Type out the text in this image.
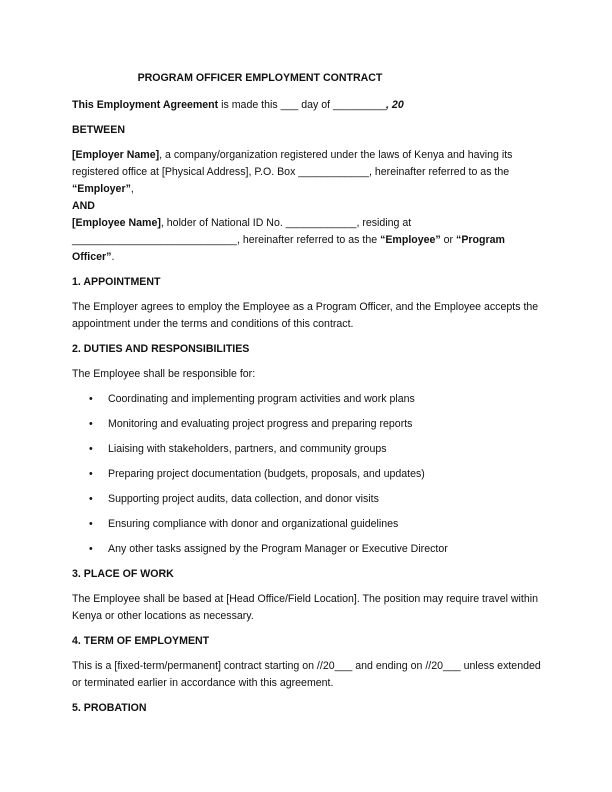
PROGRAM OFFICER EMPLOYMENT CONTRACT
This Employment Agreement is made this ___ day of _________, 20
BETWEEN
[Employer Name], a company/organization registered under the laws of Kenya and having its registered office at [Physical Address], P.O. Box ____________, hereinafter referred to as the “Employer”,
AND
[Employee Name], holder of National ID No. ____________, residing at ____________________________, hereinafter referred to as the “Employee” or “Program Officer”.
1. APPOINTMENT
The Employer agrees to employ the Employee as a Program Officer, and the Employee accepts the appointment under the terms and conditions of this contract.
2. DUTIES AND RESPONSIBILITIES
The Employee shall be responsible for:
• Coordinating and implementing program activities and work plans
• Monitoring and evaluating project progress and preparing reports
• Liaising with stakeholders, partners, and community groups
• Preparing project documentation (budgets, proposals, and updates)
• Supporting project audits, data collection, and donor visits
• Ensuring compliance with donor and organizational guidelines
• Any other tasks assigned by the Program Manager or Executive Director
3. PLACE OF WORK
The Employee shall be based at [Head Office/Field Location]. The position may require travel within Kenya or other locations as necessary.
4. TERM OF EMPLOYMENT
This is a [fixed-term/permanent] contract starting on //20___ and ending on //20___ unless extended or terminated earlier in accordance with this agreement.
5. PROBATION
